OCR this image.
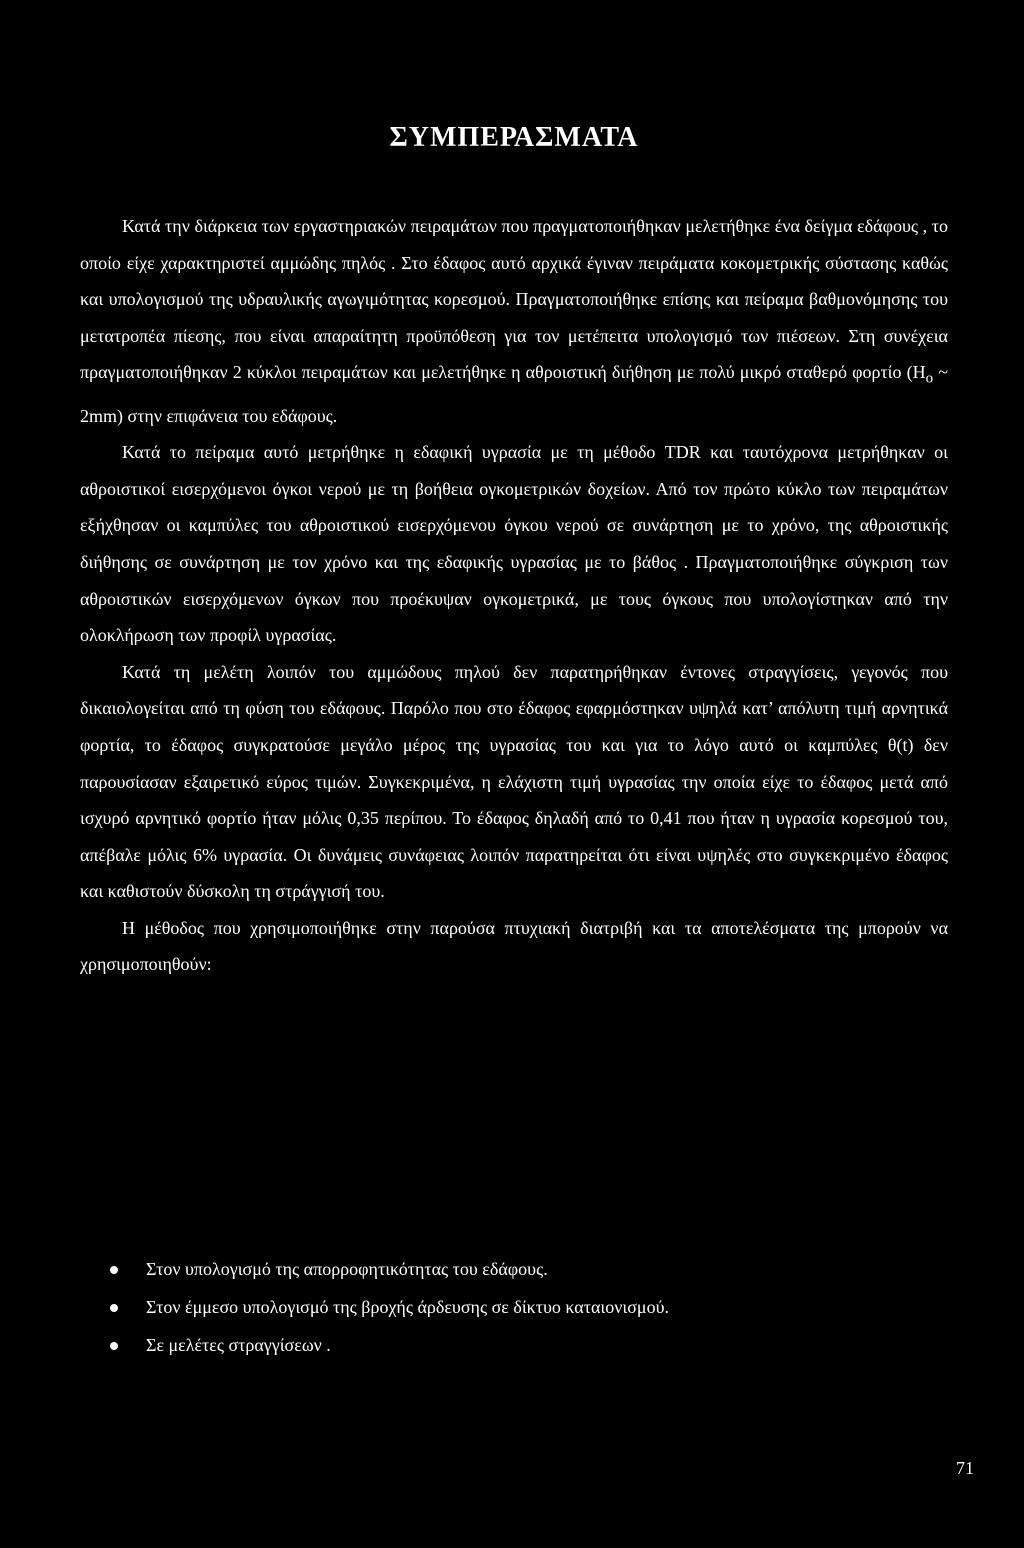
ΣΥΜΠΕΡΑΣΜΑΤΑ

Κατά την διάρκεια των εργαστηριακών πειραμάτων που πραγματοποιήθηκαν μελετήθηκε ένα δείγμα εδάφους , το οποίο είχε χαρακτηριστεί αμμώδης πηλός . Στο έδαφος αυτό αρχικά έγιναν πειράματα κοκομετρικής σύστασης καθώς και υπολογισμού της υδραυλικής αγωγιμότητας κορεσμού. Πραγματοποιήθηκε επίσης και πείραμα βαθμονόμησης του μετατροπέα πίεσης, που είναι απαραίτητη προϋπόθεση για τον μετέπειτα υπολογισμό των πιέσεων. Στη συνέχεια πραγματοποιήθηκαν 2 κύκλοι πειραμάτων και μελετήθηκε η αθροιστική διήθηση με πολύ μικρό σταθερό φορτίο ($H_o$ ~ 2mm) στην επιφάνεια του εδάφους.

Κατά το πείραμα αυτό μετρήθηκε η εδαφική υγρασία με τη μέθοδο TDR και ταυτόχρονα μετρήθηκαν οι αθροιστικοί εισερχόμενοι όγκοι νερού με τη βοήθεια ογκομετρικών δοχείων. Από τον πρώτο κύκλο των πειραμάτων εξήχθησαν οι καμπύλες του αθροιστικού εισερχόμενου όγκου νερού σε συνάρτηση με το χρόνο, της αθροιστικής διήθησης σε συνάρτηση με τον χρόνο και της εδαφικής υγρασίας με το βάθος . Πραγματοποιήθηκε σύγκριση των αθροιστικών εισερχόμενων όγκων που προέκυψαν ογκομετρικά, με τους όγκους που υπολογίστηκαν από την ολοκλήρωση των προφίλ υγρασίας.

Κατά τη μελέτη λοιπόν του αμμώδους πηλού δεν παρατηρήθηκαν έντονες στραγγίσεις, γεγονός που δικαιολογείται από τη φύση του εδάφους. Παρόλο που στο έδαφος εφαρμόστηκαν υψηλά κατ’ απόλυτη τιμή αρνητικά φορτία, το έδαφος συγκρατούσε μεγάλο μέρος της υγρασίας του και για το λόγο αυτό οι καμπύλες θ(t) δεν παρουσίασαν εξαιρετικό εύρος τιμών. Συγκεκριμένα, η ελάχιστη τιμή υγρασίας την οποία είχε το έδαφος μετά από ισχυρό αρνητικό φορτίο ήταν μόλις 0,35 περίπου. Το έδαφος δηλαδή από το 0,41 που ήταν η υγρασία κορεσμού του, απέβαλε μόλις 6% υγρασία. Οι δυνάμεις συνάφειας λοιπόν παρατηρείται ότι είναι υψηλές στο συγκεκριμένο έδαφος και καθιστούν δύσκολη τη στράγγισή του.

Η μέθοδος που χρησιμοποιήθηκε στην παρούσα πτυχιακή διατριβή και τα αποτελέσματα της μπορούν να χρησιμοποιηθούν:

Στον υπολογισμό της απορροφητικότητας του εδάφους.
Στον έμμεσο υπολογισμό της βροχής άρδευσης σε δίκτυο καταιονισμού.
Σε μελέτες στραγγίσεων .
71
